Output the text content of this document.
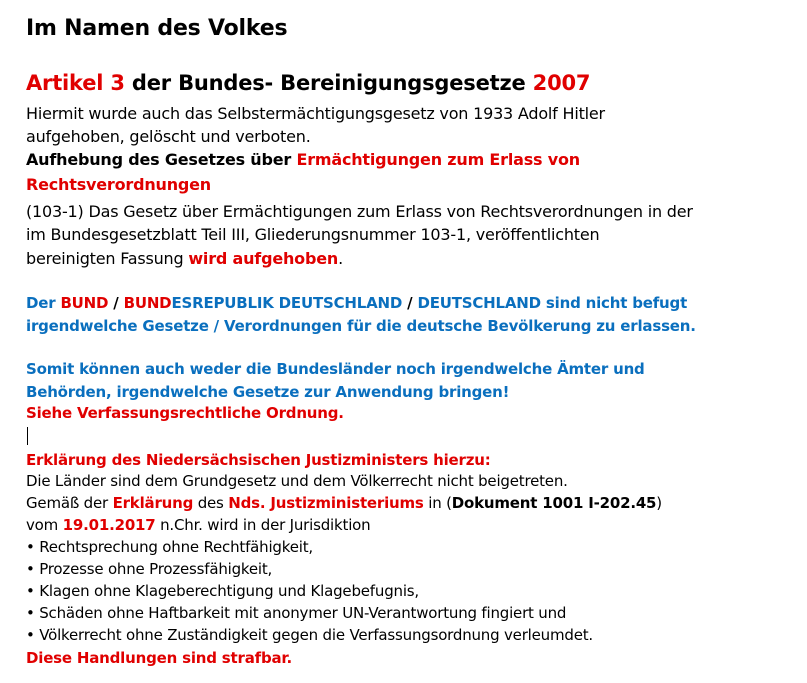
Im Namen des Volkes
Artikel 3 der Bundes- Bereinigungsgesetze 2007
Hiermit wurde auch das Selbstermächtigungsgesetz von 1933 Adolf Hitler
aufgehoben, gelöscht und verboten.
Aufhebung des Gesetzes über Ermächtigungen zum Erlass von
Rechtsverordnungen
(103-1) Das Gesetz über Ermächtigungen zum Erlass von Rechtsverordnungen in der
im Bundesgesetzblatt Teil III, Gliederungsnummer 103-1, veröffentlichten
bereinigten Fassung wird aufgehoben.
Der BUND / BUNDESREPUBLIK DEUTSCHLAND / DEUTSCHLAND sind nicht befugt
irgendwelche Gesetze / Verordnungen für die deutsche Bevölkerung zu erlassen.
Somit können auch weder die Bundesländer noch irgendwelche Ämter und
Behörden, irgendwelche Gesetze zur Anwendung bringen!
Siehe Verfassungsrechtliche Ordnung.
Erklärung des Niedersächsischen Justizministers hierzu:
Die Länder sind dem Grundgesetz und dem Völkerrecht nicht beigetreten.
Gemäß der Erklärung des Nds. Justizministeriums in (Dokument 1001 I-202.45)
vom 19.01.2017 n.Chr. wird in der Jurisdiktion
• Rechtsprechung ohne Rechtfähigkeit,
• Prozesse ohne Prozessfähigkeit,
• Klagen ohne Klageberechtigung und Klagebefugnis,
• Schäden ohne Haftbarkeit mit anonymer UN-Verantwortung fingiert und
• Völkerrecht ohne Zuständigkeit gegen die Verfassungsordnung verleumdet.
Diese Handlungen sind strafbar.
